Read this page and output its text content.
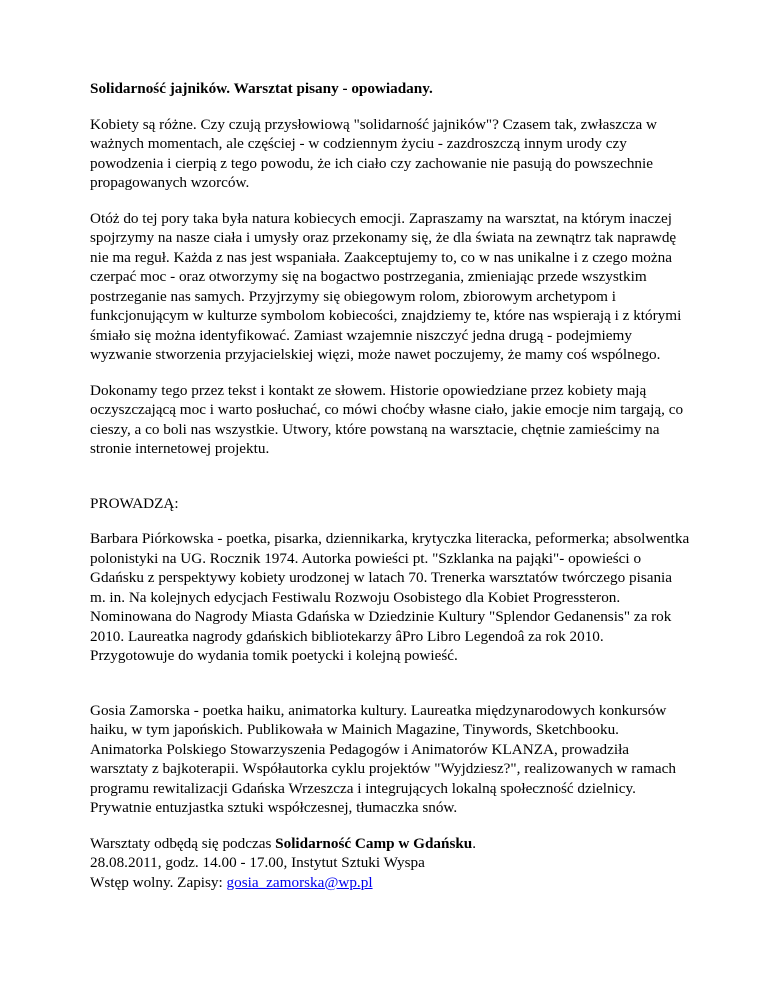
Solidarność jajników. Warsztat pisany - opowiadany.

Kobiety są różne. Czy czują przysłowiową "solidarność jajników"? Czasem tak, zwłaszcza w ważnych momentach, ale częściej - w codziennym życiu - zazdroszczą innym urody czy powodzenia i cierpią z tego powodu, że ich ciało czy zachowanie nie pasują do powszechnie propagowanych wzorców.

Otóż do tej pory taka była natura kobiecych emocji. Zapraszamy na warsztat, na którym inaczej spojrzymy na nasze ciała i umysły oraz przekonamy się, że dla świata na zewnątrz tak naprawdę nie ma reguł. Każda z nas jest wspaniała. Zaakceptujemy to, co w nas unikalne i z czego można czerpać moc - oraz otworzymy się na bogactwo postrzegania, zmieniając przede wszystkim postrzeganie nas samych. Przyjrzymy się obiegowym rolom, zbiorowym archetypom i funkcjonującym w kulturze symbolom kobiecości, znajdziemy te, które nas wspierają i z którymi śmiało się można identyfikować. Zamiast wzajemnie niszczyć jedna drugą - podejmiemy wyzwanie stworzenia przyjacielskiej więzi, może nawet poczujemy, że mamy coś wspólnego.

Dokonamy tego przez tekst i kontakt ze słowem. Historie opowiedziane przez kobiety mają oczyszczającą moc i warto posłuchać, co mówi choćby własne ciało, jakie emocje nim targają, co cieszy, a co boli nas wszystkie. Utwory, które powstaną na warsztacie, chętnie zamieścimy na stronie internetowej projektu.

PROWADZĄ:

Barbara Piórkowska - poetka, pisarka, dziennikarka, krytyczka literacka, peformerka; absolwentka polonistyki na UG. Rocznik 1974. Autorka powieści pt. "Szklanka na pająki"- opowieści o Gdańsku z perspektywy kobiety urodzonej w latach 70. Trenerka warsztatów twórczego pisania m. in. Na kolejnych edycjach Festiwalu Rozwoju Osobistego dla Kobiet Progressteron. Nominowana do Nagrody Miasta Gdańska w Dziedzinie Kultury "Splendor Gedanensis" za rok 2010. Laureatka nagrody gdańskich bibliotekarzy âPro Libro Legendoâ za rok 2010. Przygotowuje do wydania tomik poetycki i kolejną powieść.

Gosia Zamorska - poetka haiku, animatorka kultury. Laureatka międzynarodowych konkursów haiku, w tym japońskich. Publikowała w Mainich Magazine, Tinywords, Sketchbooku. Animatorka Polskiego Stowarzyszenia Pedagogów i Animatorów KLANZA, prowadziła warsztaty z bajkoterapii. Współautorka cyklu projektów "Wyjdziesz?", realizowanych w ramach programu rewitalizacji Gdańska Wrzeszcza i integrujących lokalną społeczność dzielnicy. Prywatnie entuzjastka sztuki współczesnej, tłumaczka snów.

Warsztaty odbędą się podczas Solidarność Camp w Gdańsku.
28.08.2011, godz. 14.00 - 17.00, Instytut Sztuki Wyspa
Wstęp wolny. Zapisy: gosia_zamorska@wp.pl
